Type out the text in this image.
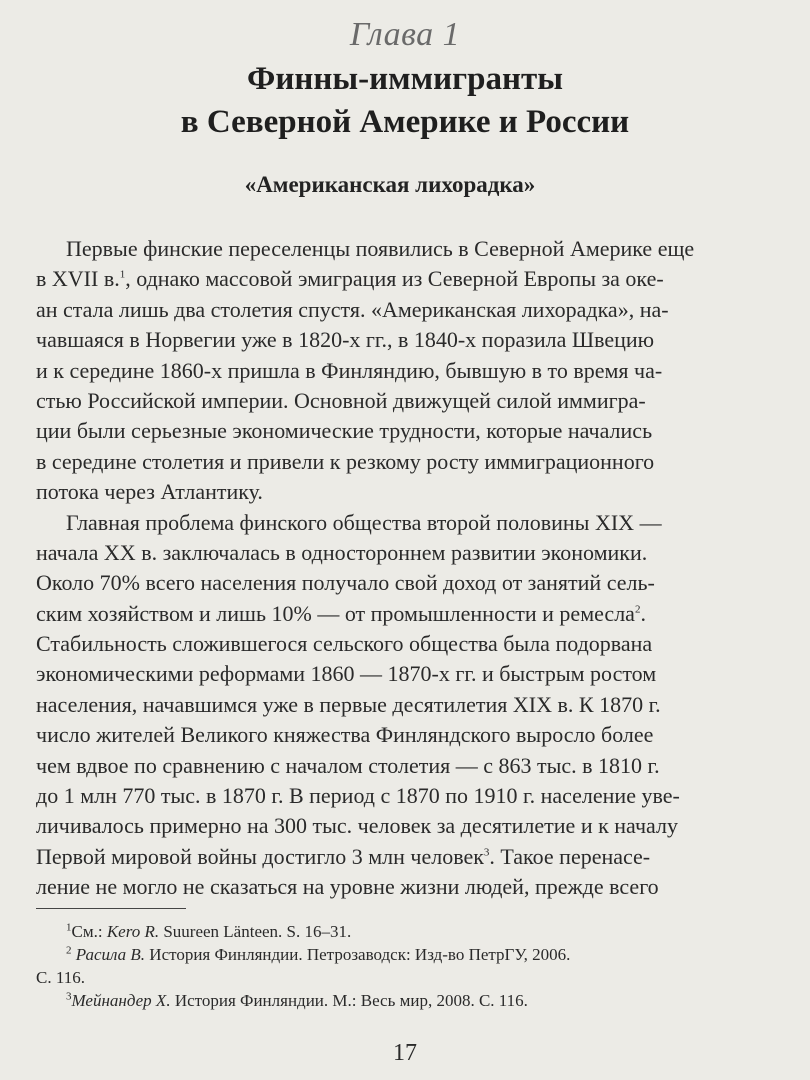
Глава 1
Финны-иммигранты
в Северной Америке и России
«Американская лихорадка»
Первые финские переселенцы появились в Северной Америке еще
в XVII в.$^1$, однако массовой эмиграция из Северной Европы за оке-
ан стала лишь два столетия спустя. «Американская лихорадка», на-
чавшаяся в Норвегии уже в 1820-х гг., в 1840-х поразила Швецию
и к середине 1860-х пришла в Финляндию, бывшую в то время ча-
стью Российской империи. Основной движущей силой иммигра-
ции были серьезные экономические трудности, которые начались
в середине столетия и привели к резкому росту иммиграционного
потока через Атлантику.
Главная проблема финского общества второй половины XIX —
начала XX в. заключалась в одностороннем развитии экономики.
Около 70% всего населения получало свой доход от занятий сель-
ским хозяйством и лишь 10% — от промышленности и ремесла$^2$.
Стабильность сложившегося сельского общества была подорвана
экономическими реформами 1860 — 1870-х гг. и быстрым ростом
населения, начавшимся уже в первые десятилетия XIX в. К 1870 г.
число жителей Великого княжества Финляндского выросло более
чем вдвое по сравнению с началом столетия — с 863 тыс. в 1810 г.
до 1 млн 770 тыс. в 1870 г. В период с 1870 по 1910 г. население уве-
личивалось примерно на 300 тыс. человек за десятилетие и к началу
Первой мировой войны достигло 3 млн человек$^3$. Такое перенасе-
ление не могло не сказаться на уровне жизни людей, прежде всего
$^1$См.: Kero R. Suureen Länteen. S. 16–31.
$^2$ Расила В. История Финляндии. Петрозаводск: Изд-во ПетрГУ, 2006.
С. 116.
$^3$Мейнандер Х. История Финляндии. М.: Весь мир, 2008. С. 116.
17
